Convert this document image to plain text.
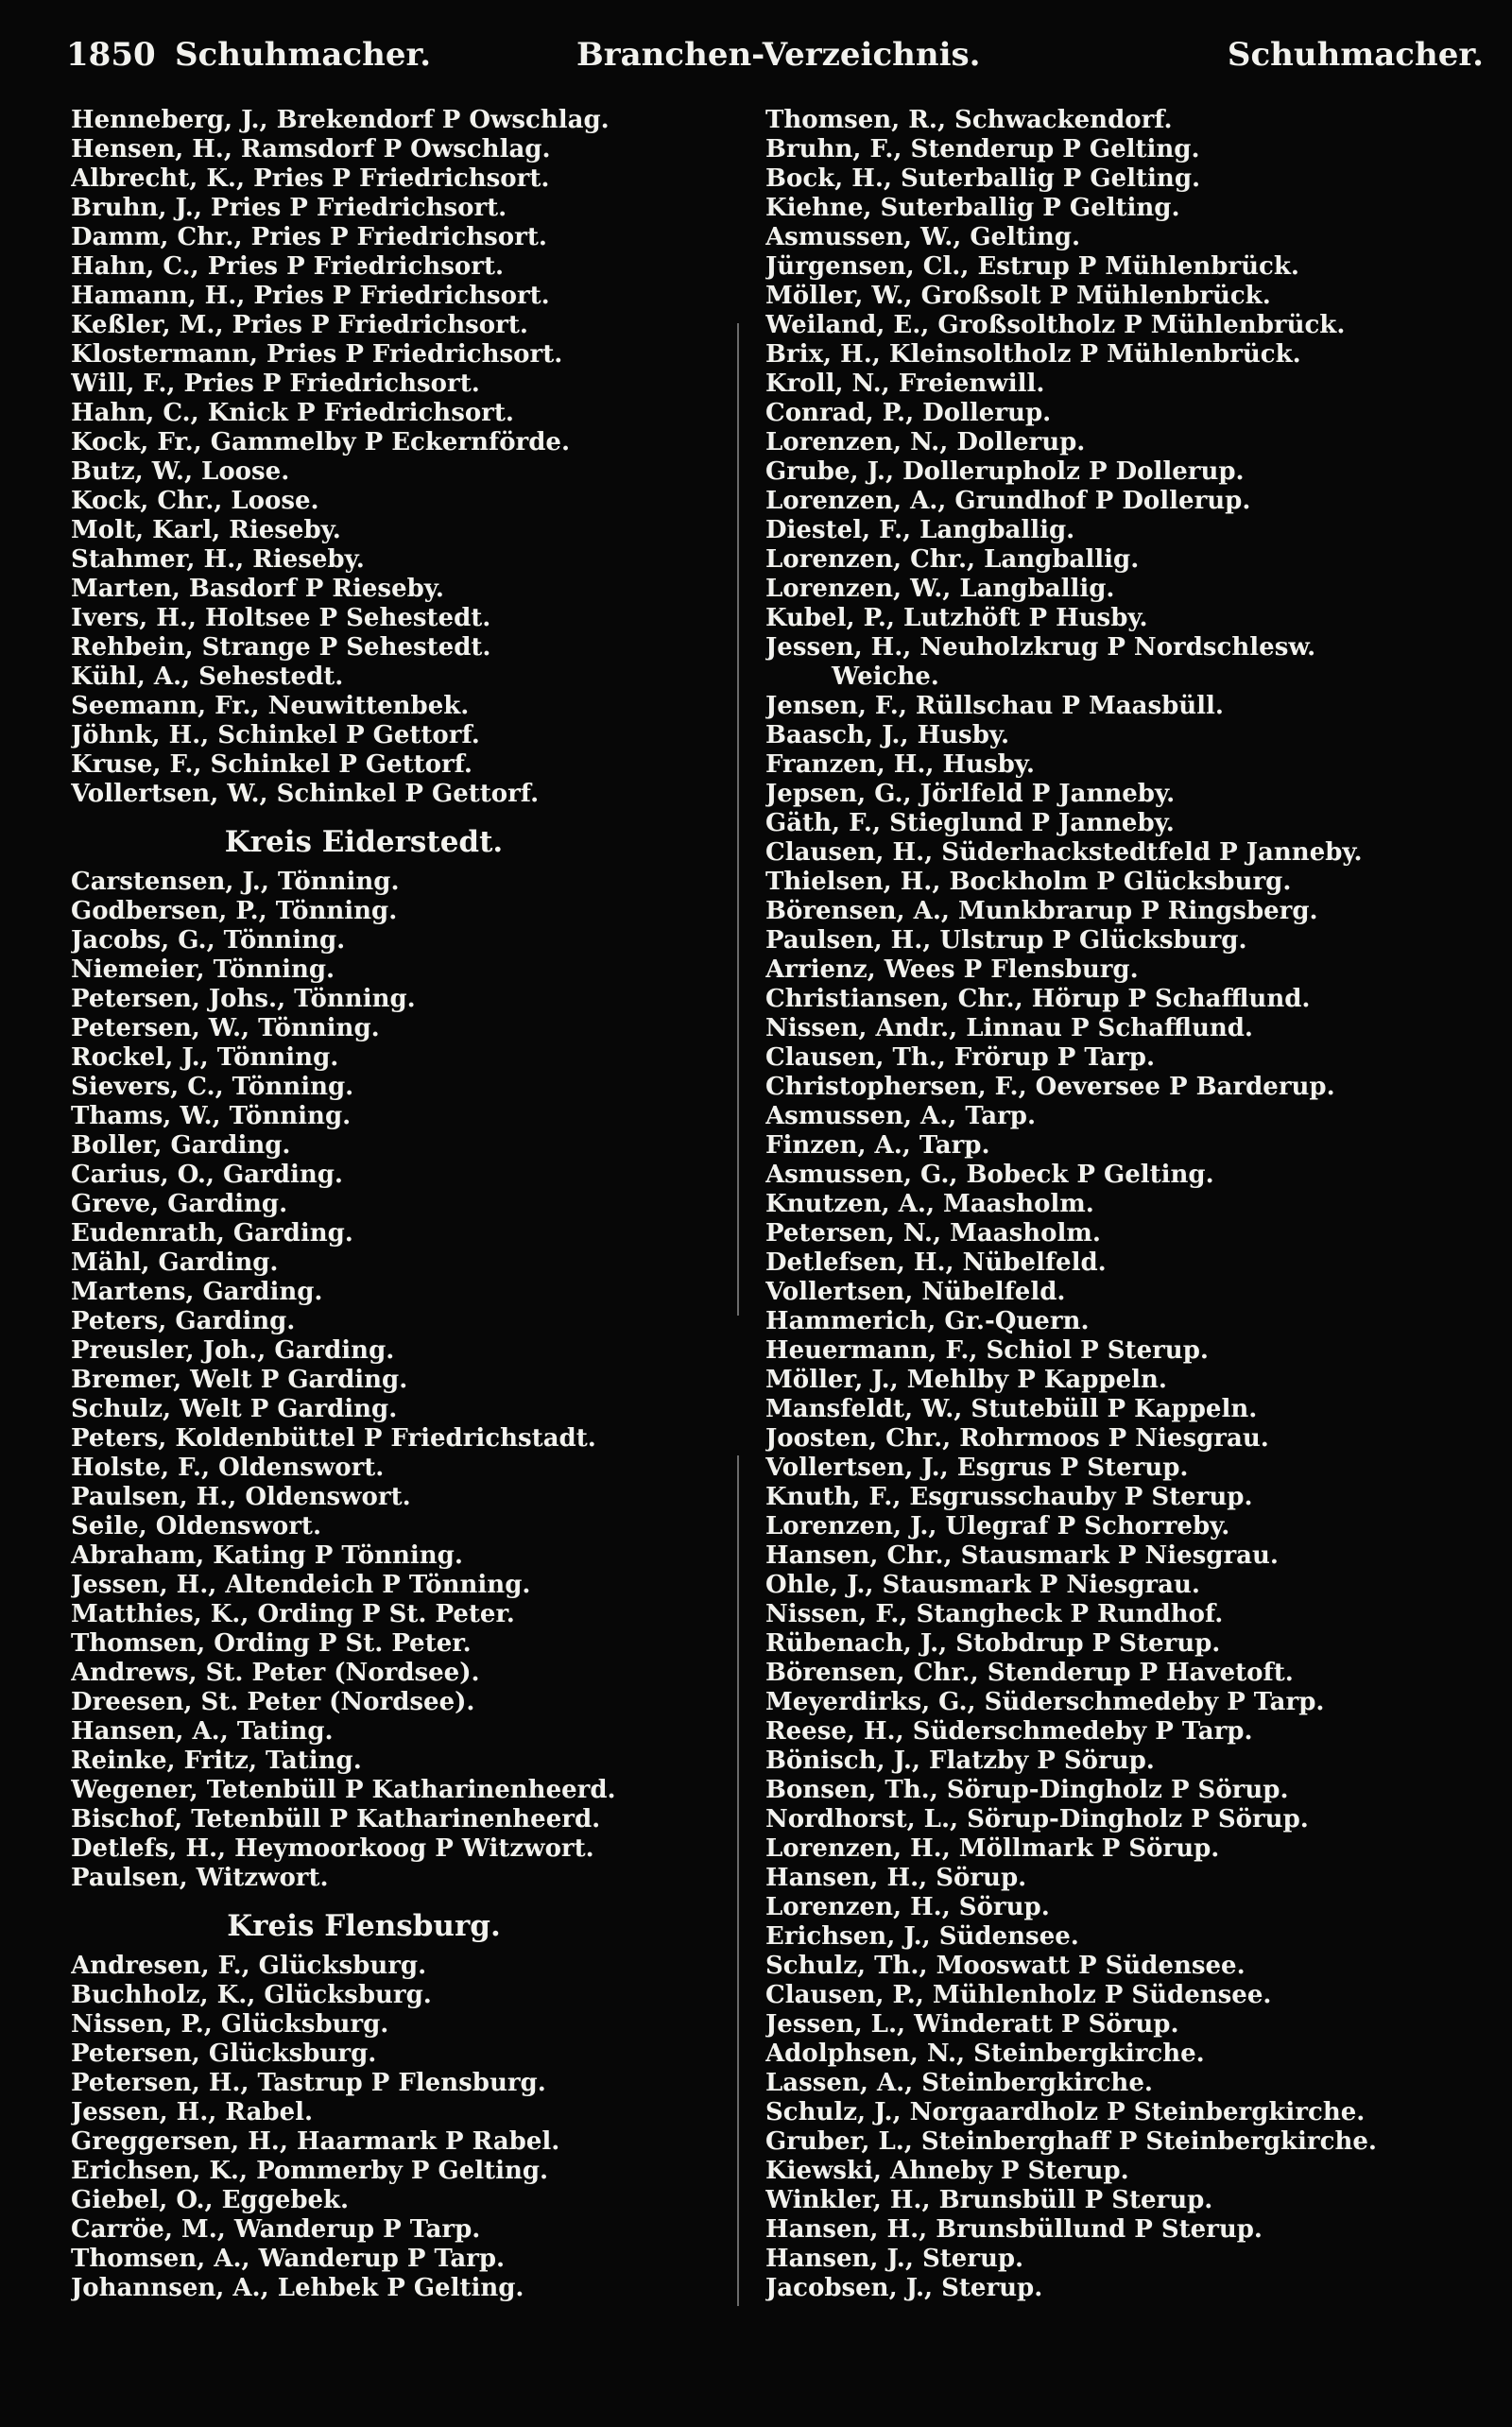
1850 Schuhmacher.	Branchen-Verzeichnis.	Schuhmacher.
Henneberg, J., Brekendorf P Owschlag.
Hensen, H., Ramsdorf P Owschlag.
Albrecht, K., Pries P Friedrichsort.
Bruhn, J., Pries P Friedrichsort.
Damm, Chr., Pries P Friedrichsort.
Hahn, C., Pries P Friedrichsort.
Hamann, H., Pries P Friedrichsort.
Keßler, M., Pries P Friedrichsort.
Klostermann, Pries P Friedrichsort.
Will, F., Pries P Friedrichsort.
Hahn, C., Knick P Friedrichsort.
Kock, Fr., Gammelby P Eckernförde.
Butz, W., Loose.
Kock, Chr., Loose.
Molt, Karl, Rieseby.
Stahmer, H., Rieseby.
Marten, Basdorf P Rieseby.
Ivers, H., Holtsee P Sehestedt.
Rehbein, Strange P Sehestedt.
Kühl, A., Sehestedt.
Seemann, Fr., Neuwittenbek.
Jöhnk, H., Schinkel P Gettorf.
Kruse, F., Schinkel P Gettorf.
Vollertsen, W., Schinkel P Gettorf.
Kreis Eiderstedt.
Carstensen, J., Tönning.
Godbersen, P., Tönning.
Jacobs, G., Tönning.
Niemeier, Tönning.
Petersen, Johs., Tönning.
Petersen, W., Tönning.
Rockel, J., Tönning.
Sievers, C., Tönning.
Thams, W., Tönning.
Boller, Garding.
Carius, O., Garding.
Greve, Garding.
Eudenrath, Garding.
Mähl, Garding.
Martens, Garding.
Peters, Garding.
Preusler, Joh., Garding.
Bremer, Welt P Garding.
Schulz, Welt P Garding.
Peters, Koldenbüttel P Friedrichstadt.
Holste, F., Oldenswort.
Paulsen, H., Oldenswort.
Seile, Oldenswort.
Abraham, Kating P Tönning.
Jessen, H., Altendeich P Tönning.
Matthies, K., Ording P St. Peter.
Thomsen, Ording P St. Peter.
Andrews, St. Peter (Nordsee).
Dreesen, St. Peter (Nordsee).
Hansen, A., Tating.
Reinke, Fritz, Tating.
Wegener, Tetenbüll P Katharinenheerd.
Bischof, Tetenbüll P Katharinenheerd.
Detlefs, H., Heymoorkoog P Witzwort.
Paulsen, Witzwort.
Kreis Flensburg.
Andresen, F., Glücksburg.
Buchholz, K., Glücksburg.
Nissen, P., Glücksburg.
Petersen, Glücksburg.
Petersen, H., Tastrup P Flensburg.
Jessen, H., Rabel.
Greggersen, H., Haarmark P Rabel.
Erichsen, K., Pommerby P Gelting.
Giebel, O., Eggebek.
Carröe, M., Wanderup P Tarp.
Thomsen, A., Wanderup P Tarp.
Johannsen, A., Lehbek P Gelting.
Thomsen, R., Schwackendorf.
Bruhn, F., Stenderup P Gelting.
Bock, H., Suterballig P Gelting.
Kiehne, Suterballig P Gelting.
Asmussen, W., Gelting.
Jürgensen, Cl., Estrup P Mühlenbrück.
Möller, W., Großsolt P Mühlenbrück.
Weiland, E., Großsoltholz P Mühlenbrück.
Brix, H., Kleinsoltholz P Mühlenbrück.
Kroll, N., Freienwill.
Conrad, P., Dollerup.
Lorenzen, N., Dollerup.
Grube, J., Dollerupholz P Dollerup.
Lorenzen, A., Grundhof P Dollerup.
Diestel, F., Langballig.
Lorenzen, Chr., Langballig.
Lorenzen, W., Langballig.
Kubel, P., Lutzhöft P Husby.
Jessen, H., Neuholzkrug P Nordschlesw.
Weiche.
Jensen, F., Rüllschau P Maasbüll.
Baasch, J., Husby.
Franzen, H., Husby.
Jepsen, G., Jörlfeld P Janneby.
Gäth, F., Stieglund P Janneby.
Clausen, H., Süderhackstedtfeld P Janneby.
Thielsen, H., Bockholm P Glücksburg.
Börensen, A., Munkbrarup P Ringsberg.
Paulsen, H., Ulstrup P Glücksburg.
Arrienz, Wees P Flensburg.
Christiansen, Chr., Hörup P Schafflund.
Nissen, Andr., Linnau P Schafflund.
Clausen, Th., Frörup P Tarp.
Christophersen, F., Oeversee P Barderup.
Asmussen, A., Tarp.
Finzen, A., Tarp.
Asmussen, G., Bobeck P Gelting.
Knutzen, A., Maasholm.
Petersen, N., Maasholm.
Detlefsen, H., Nübelfeld.
Vollertsen, Nübelfeld.
Hammerich, Gr.-Quern.
Heuermann, F., Schiol P Sterup.
Möller, J., Mehlby P Kappeln.
Mansfeldt, W., Stutebüll P Kappeln.
Joosten, Chr., Rohrmoos P Niesgrau.
Vollertsen, J., Esgrus P Sterup.
Knuth, F., Esgrusschauby P Sterup.
Lorenzen, J., Ulegraf P Schorreby.
Hansen, Chr., Stausmark P Niesgrau.
Ohle, J., Stausmark P Niesgrau.
Nissen, F., Stangheck P Rundhof.
Rübenach, J., Stobdrup P Sterup.
Börensen, Chr., Stenderup P Havetoft.
Meyerdirks, G., Süderschmedeby P Tarp.
Reese, H., Süderschmedeby P Tarp.
Bönisch, J., Flatzby P Sörup.
Bonsen, Th., Sörup-Dingholz P Sörup.
Nordhorst, L., Sörup-Dingholz P Sörup.
Lorenzen, H., Möllmark P Sörup.
Hansen, H., Sörup.
Lorenzen, H., Sörup.
Erichsen, J., Südensee.
Schulz, Th., Mooswatt P Südensee.
Clausen, P., Mühlenholz P Südensee.
Jessen, L., Winderatt P Sörup.
Adolphsen, N., Steinbergkirche.
Lassen, A., Steinbergkirche.
Schulz, J., Norgaardholz P Steinbergkirche.
Gruber, L., Steinberghaff P Steinbergkirche.
Kiewski, Ahneby P Sterup.
Winkler, H., Brunsbüll P Sterup.
Hansen, H., Brunsbüllund P Sterup.
Hansen, J., Sterup.
Jacobsen, J., Sterup.
